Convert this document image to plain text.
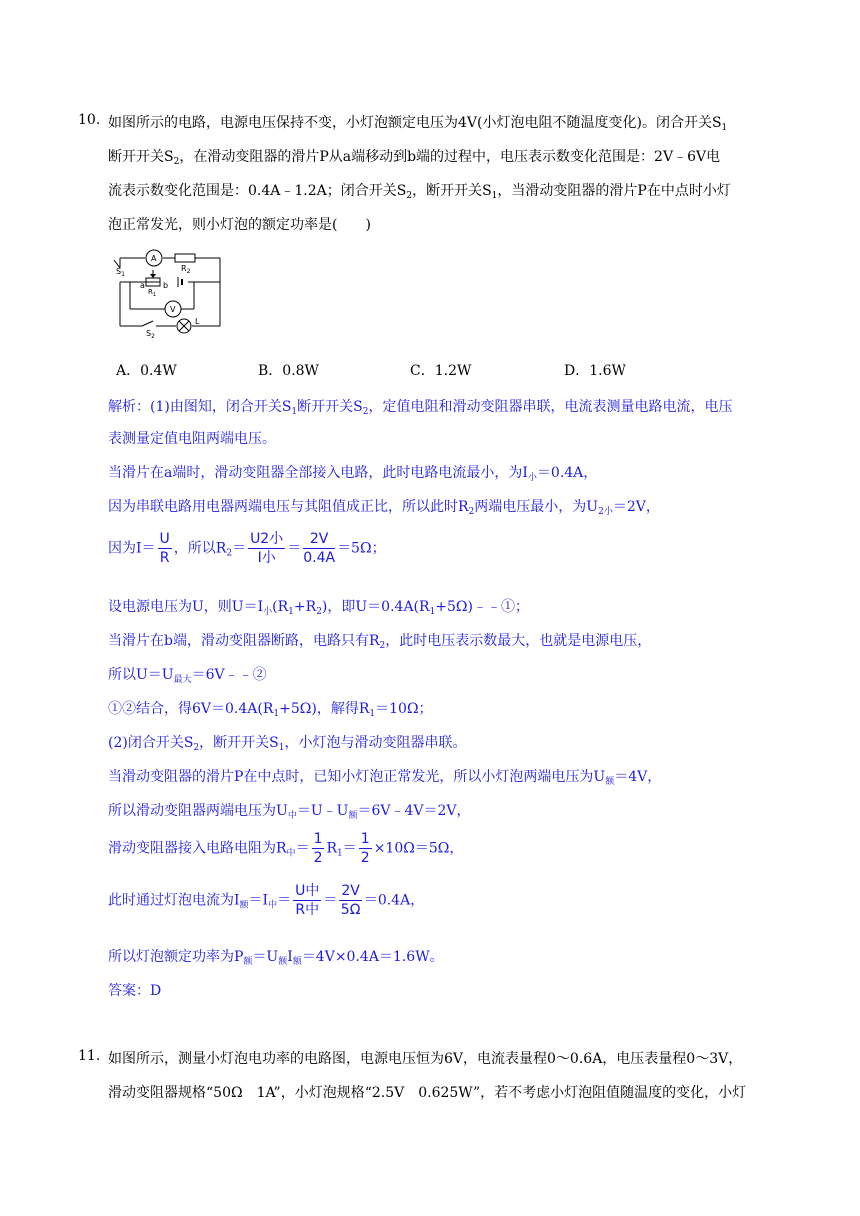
10. 如图所示的电路，电源电压保持不变，小灯泡额定电压为4V(小灯泡电阻不随温度变化)。闭合开关$S_1$
断开开关$S_2$，在滑动变阻器的滑片P从a端移动到b端的过程中，电压表示数变化范围是：2V﹣6V电
流表示数变化范围是：0.4A﹣1.2A；闭合开关$S_2$，断开开关$S_1$，当滑动变阻器的滑片P在中点时小灯
泡正常发光，则小灯泡的额定功率是(　　)
A
$R_2$
$S_1$
a
$R_1$
b
V
$S_2$
L
A．0.4W	B．0.8W	C．1.2W	D．1.6W
解析：(1)由图知，闭合开关$S_1$断开开关$S_2$，定值电阻和滑动变阻器串联，电流表测量电路电流，电压
表测量定值电阻两端电压。
当滑片在a端时，滑动变阻器全部接入电路，此时电路电流最小，为$I_小=0.4A$，
因为串联电路用电器两端电压与其阻值成正比，所以此时$R_2$两端电压最小，为$U_{2小}=2V$，
因为$I= \frac{U}{R}$ ，所以$R_2= \frac{\text{U2小}}{\text{I小}} = \frac{2V}{0.4A} =5\Omega$；
设电源电压为U，则$U=I_小(R_1+R_2)$，即$U=0.4A(R_1+5\Omega)﹣﹣①$；
当滑片在b端，滑动变阻器断路，电路只有$R_2$，此时电压表示数最大，也就是电源电压，
所以$U=U_{最大}=6V﹣﹣②$
①②结合，得$6V=0.4A(R_1+5\Omega)$，解得$R_1=10\Omega$；
(2)闭合开关$S_2$，断开开关$S_1$，小灯泡与滑动变阻器串联。
当滑动变阻器的滑片P在中点时，已知小灯泡正常发光，所以小灯泡两端电压为$U_额=4V$，
所以滑动变阻器两端电压为$U_中=U﹣U_额=6V﹣4V=2V$，
滑动变阻器接入电路电阻为$R_中= \frac{1}{2} R_1= \frac{1}{2} \times 10\Omega=5\Omega$，
此时通过灯泡电流为$I_额=I_中= \frac{\text{U中}}{\text{R中}} = \frac{2V}{5\Omega} =0.4A$，
所以灯泡额定功率为$P_额=U_额I_额=4V\times 0.4A=1.6W$。
答案：D
11. 如图所示，测量小灯泡电功率的电路图，电源电压恒为6V，电流表量程0～0.6A，电压表量程0～3V，
滑动变阻器规格“50Ω　1A”，小灯泡规格“2.5V　0.625W”，若不考虑小灯泡阻值随温度的变化，小灯
